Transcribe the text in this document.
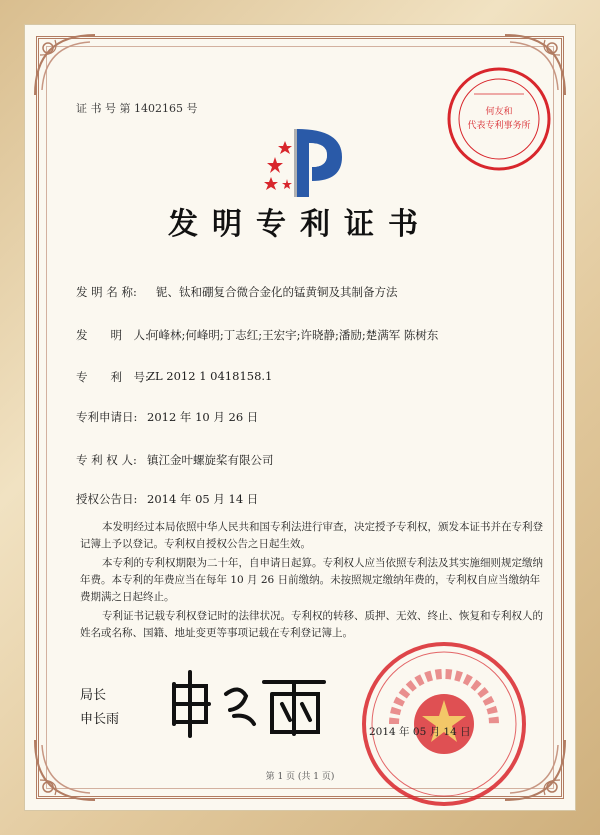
证 书 号 第 1402165 号	何友和
代表专利事务所
发明专利证书
发 明 名 称:	铌、钛和硼复合微合金化的锰黄铜及其制备方法
发　　明　人:
何峰林;何峰明;丁志红;王宏宇;许晓静;潘励;楚满军 陈树东
专　　利　号:
ZL 2012 1 0418158.1
专利申请日: 2012 年 10 月 26 日
专 利 权 人: 镇江金叶螺旋桨有限公司
授权公告日: 2014 年 05 月 14 日

本发明经过本局依照中华人民共和国专利法进行审查，决定授予专利权，颁发本证书并在专利登记簿上予以登记。专利权自授权公告之日起生效。

本专利的专利权期限为二十年，自申请日起算。专利权人应当依照专利法及其实施细则规定缴纳年费。本专利的年费应当在每年 10 月 26 日前缴纳。未按照规定缴纳年费的，专利权自应当缴纳年费期满之日起终止。

专利证书记载专利权登记时的法律状况。专利权的转移、质押、无效、终止、恢复和专利权人的姓名或名称、国籍、地址变更等事项记载在专利登记簿上。

局长
申长雨
2014 年 05 月 14 日
第 1 页 (共 1 页)
